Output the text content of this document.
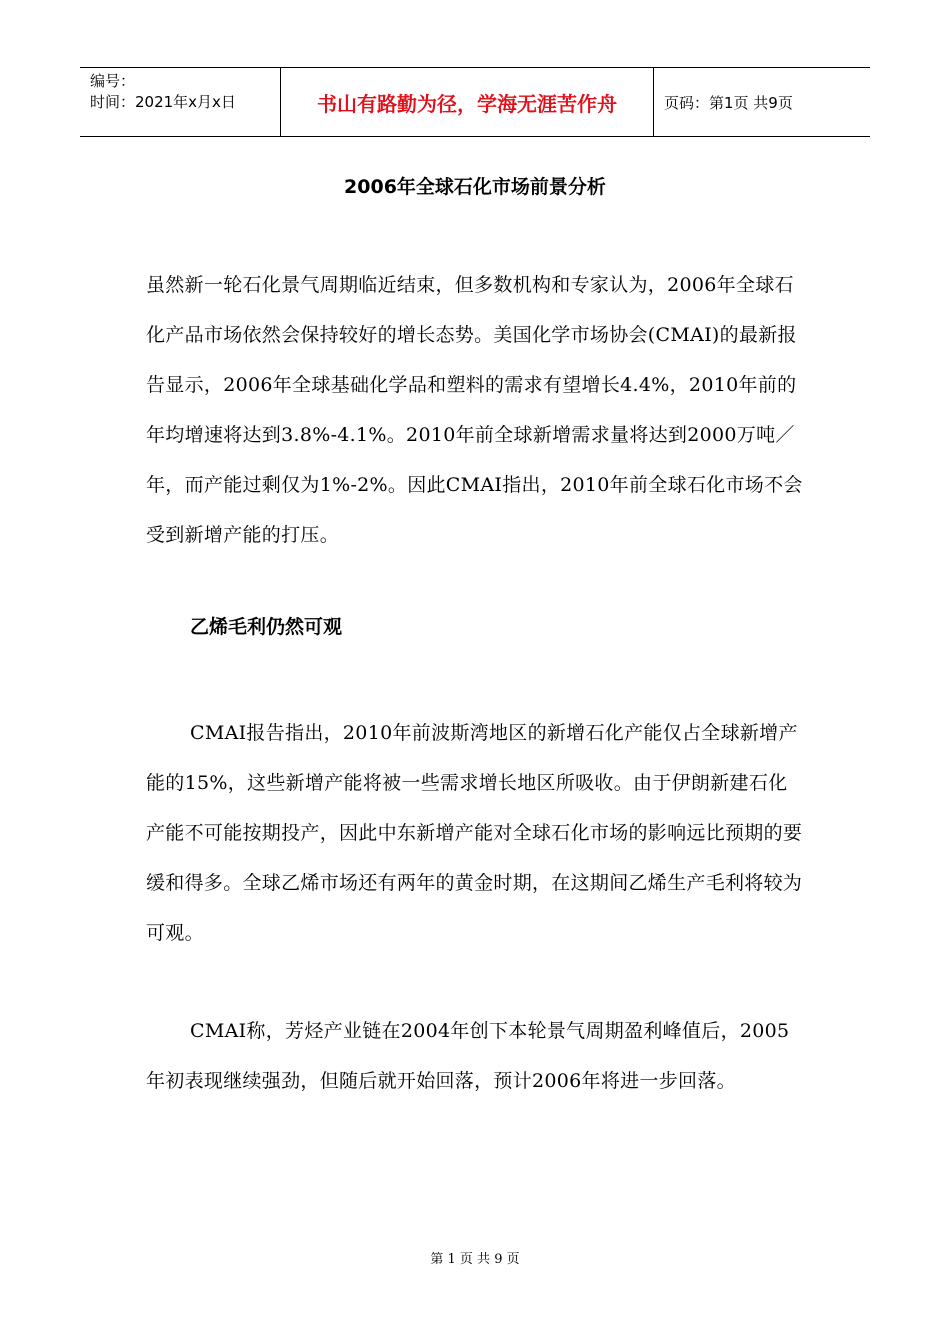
编号：
时间：2021年x月x日	书山有路勤为径，学海无涯苦作舟	页码：第1页 共9页
2006年全球石化市场前景分析

虽然新一轮石化景气周期临近结束，但多数机构和专家认为，2006年全球石化产品市场依然会保持较好的增长态势。美国化学市场协会(CMAI)的最新报告显示，2006年全球基础化学品和塑料的需求有望增长4.4%，2010年前的年均增速将达到3.8%-4.1%。2010年前全球新增需求量将达到2000万吨／年，而产能过剩仅为1%-2%。因此CMAI指出，2010年前全球石化市场不会受到新增产能的打压。

乙烯毛利仍然可观

CMAI报告指出，2010年前波斯湾地区的新增石化产能仅占全球新增产能的15%，这些新增产能将被一些需求增长地区所吸收。由于伊朗新建石化产能不可能按期投产，因此中东新增产能对全球石化市场的影响远比预期的要缓和得多。全球乙烯市场还有两年的黄金时期，在这期间乙烯生产毛利将较为可观。

CMAI称，芳烃产业链在2004年创下本轮景气周期盈利峰值后，2005年初表现继续强劲，但随后就开始回落，预计2006年将进一步回落。

第 1 页 共 9 页
